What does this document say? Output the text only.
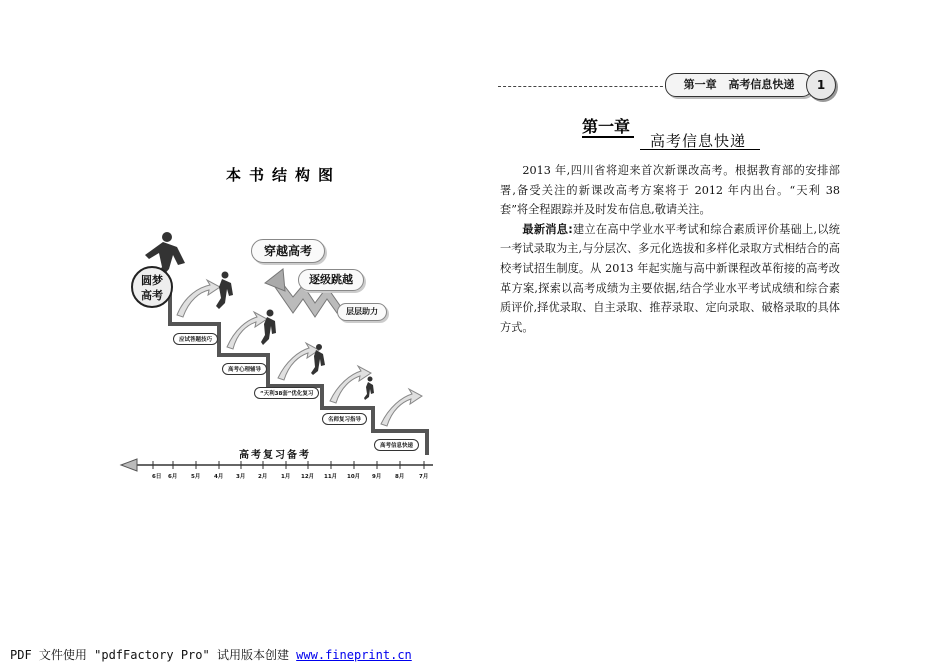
第一章 高考信息快递	1
第一章
高考信息快递

2013 年,四川省将迎来首次新课改高考。根据教育部的安排部署,备受关注的新课改高考方案将于 2012 年内出台。“天利 38 套”将全程跟踪并及时发布信息,敬请关注。

最新消息:建立在高中学业水平考试和综合素质评价基础上,以统一考试录取为主,与分层次、多元化选拔和多样化录取方式相结合的高校考试招生制度。从 2013 年起实施与高中新课程改革衔接的高考改革方案,探索以高考成绩为主要依据,结合学业水平考试成绩和综合素质评价,择优录取、自主录取、推荐录取、定向录取、破格录取的具体方式。

本书结构图
圆梦
高考
穿越高考
逐级跳越
层层助力
应试答题技巧
高考心理辅导
“天利38套”优化复习
名师复习指导
高考信息快递
高考复习备考
6日 6月 5月 4月 3月 2月 1月 12月 11月 10月 9月 8月	7月
PDF 文件使用 "pdfFactory Pro" 试用版本创建 www.fineprint.cn
